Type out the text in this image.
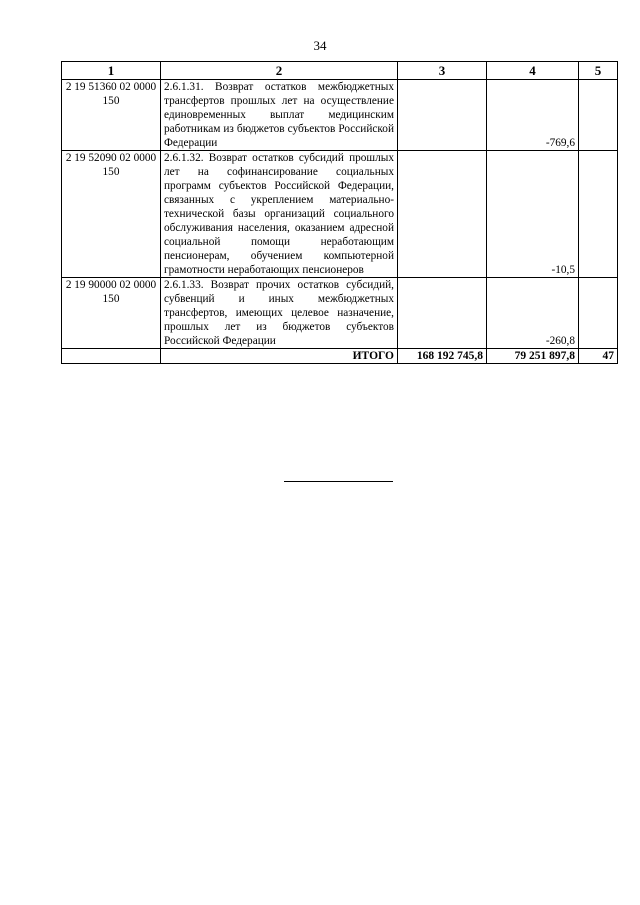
34
1	2	3	4	5
2 19 51360 02 0000 150	2.6.1.31. Возврат остатков межбюджетных трансфертов прошлых лет на осуществление единовременных выплат медицинским работникам из бюджетов субъектов Российской Федерации		-769,6	
2 19 52090 02 0000 150	2.6.1.32. Возврат остатков субсидий прошлых лет на софинансирование социальных программ субъектов Российской Федерации, связанных с укреплением материально-технической базы организаций социального обслуживания населения, оказанием адресной социальной помощи неработающим пенсионерам, обучением компьютерной грамотности неработающих пенсионеров		-10,5	
2 19 90000 02 0000 150	2.6.1.33. Возврат прочих остатков субсидий, субвенций и иных межбюджетных трансфертов, имеющих целевое назначение, прошлых лет из бюджетов субъектов Российской Федерации		-260,8	
	ИТОГО	168 192 745,8	79 251 897,8	47
